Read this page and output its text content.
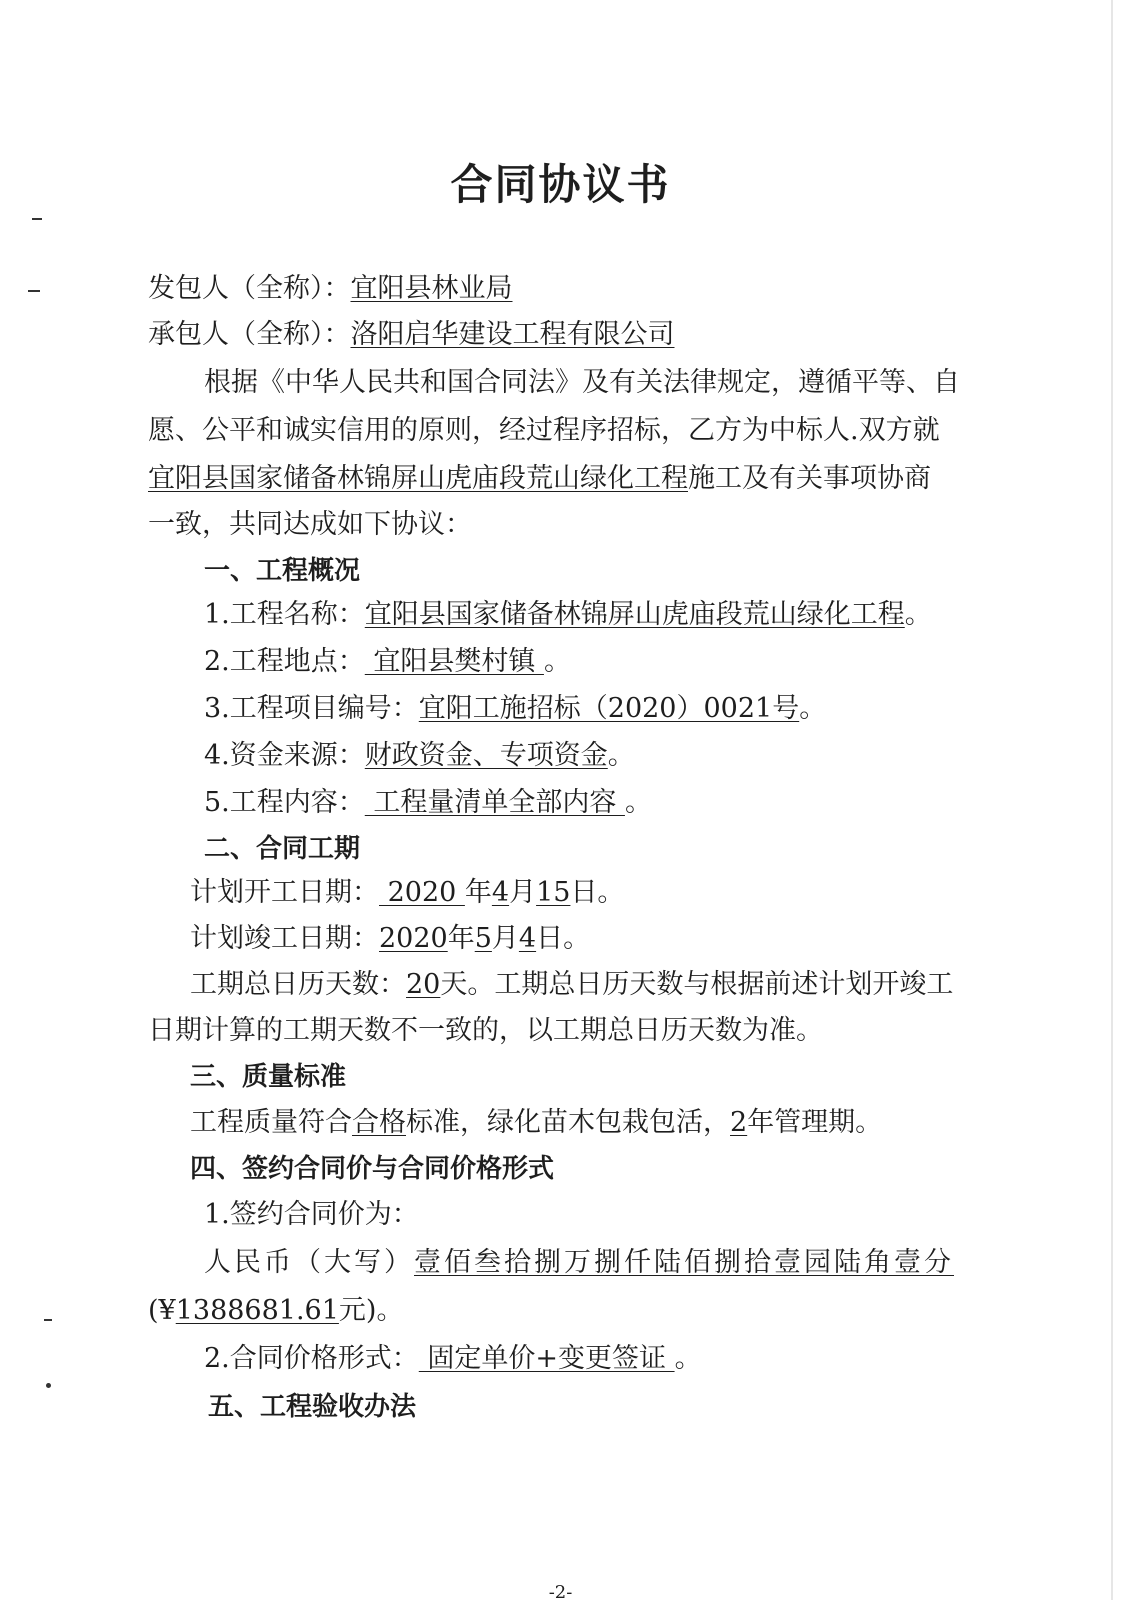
合同协议书
发包人（全称）：宜阳县林业局
承包人（全称）：洛阳启华建设工程有限公司
根据《中华人民共和国合同法》及有关法律规定，遵循平等、自
愿、公平和诚实信用的原则，经过程序招标，乙方为中标人.双方就
宜阳县国家储备林锦屏山虎庙段荒山绿化工程施工及有关事项协商
一致，共同达成如下协议：
一、工程概况
1.工程名称：宜阳县国家储备林锦屏山虎庙段荒山绿化工程。
2.工程地点： 宜阳县樊村镇 。
3.工程项目编号：宜阳工施招标（2020）0021号。
4.资金来源：财政资金、专项资金。
5.工程内容： 工程量清单全部内容 。
二、合同工期
计划开工日期： 2020 年4月15日。
计划竣工日期：2020年5月4日。
工期总日历天数：20天。工期总日历天数与根据前述计划开竣工
日期计算的工期天数不一致的，以工期总日历天数为准。
三、质量标准
工程质量符合合格标准，绿化苗木包栽包活，2年管理期。
四、签约合同价与合同价格形式
1.签约合同价为：
人民币（大写）壹佰叁拾捌万捌仟陆佰捌拾壹园陆角壹分
(¥1388681.61元)。
2.合同价格形式： 固定单价+变更签证 。
五、工程验收办法
-2-
